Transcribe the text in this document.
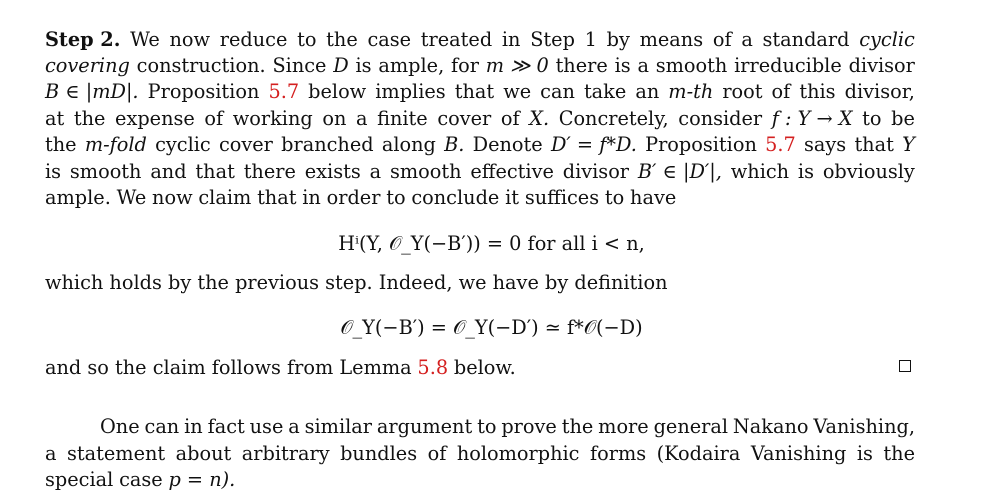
Step 2. We now reduce to the case treated in Step 1 by means of a standard cyclic
covering construction. Since D is ample, for m ≫ 0 there is a smooth irreducible divisor
B ∈ |mD|. Proposition 5.7 below implies that we can take an m-th root of this divisor,
at the expense of working on a finite cover of X. Concretely, consider f : Y → X to be
the m-fold cyclic cover branched along B. Denote D′ = f*D. Proposition 5.7 says that Y
is smooth and that there exists a smooth effective divisor B′ ∈ |D′|, which is obviously
ample. We now claim that in order to conclude it suffices to have
Hⁱ(Y, 𝒪_Y(−B′)) = 0 for all i < n,
which holds by the previous step. Indeed, we have by definition
𝒪_Y(−B′) = 𝒪_Y(−D′) ≃ f*𝒪(−D)
and so the claim follows from Lemma 5.8 below.
One can in fact use a similar argument to prove the more general Nakano Vanishing,
a statement about arbitrary bundles of holomorphic forms (Kodaira Vanishing is the
special case p = n).
